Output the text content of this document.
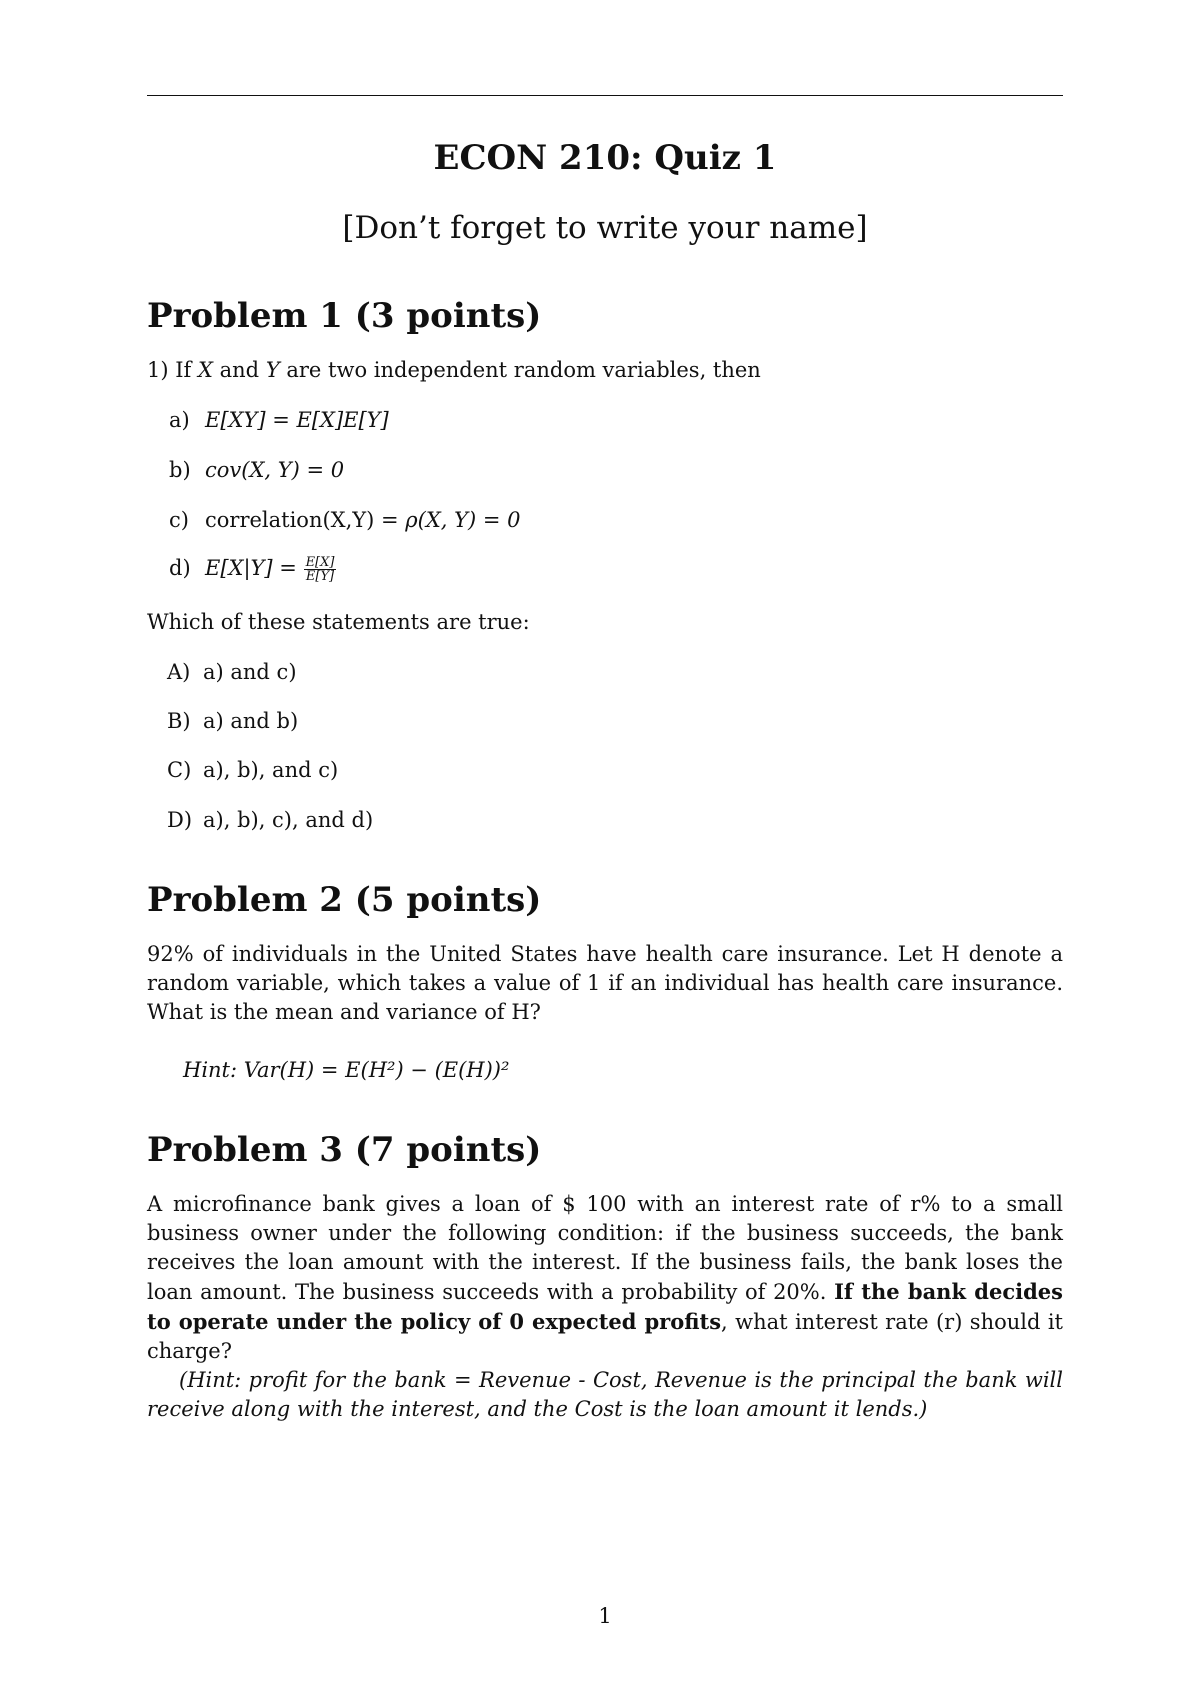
ECON 210: Quiz 1
[Don’t forget to write your name]
Problem 1 (3 points)
1) If X and Y are two independent random variables, then
a) E[XY] = E[X]E[Y]
b) cov(X, Y) = 0
c) correlation(X,Y) = ρ(X, Y) = 0
d) $E[X|Y] = \frac{E[X]}{E[Y]}$
Which of these statements are true:
A) a) and c)
B) a) and b)
C) a), b), and c)
D) a), b), c), and d)
Problem 2 (5 points)
92% of individuals in the United States have health care insurance. Let H denote a random variable, which takes a value of 1 if an individual has health care insurance. What is the mean and variance of H?
Hint: Var(H) = E(H²) − (E(H))²
Problem 3 (7 points)
A microfinance bank gives a loan of $ 100 with an interest rate of r% to a small business owner under the following condition: if the business succeeds, the bank receives the loan amount with the interest. If the business fails, the bank loses the loan amount. The business succeeds with a probability of 20%. If the bank decides to operate under the policy of 0 expected profits, what interest rate (r) should it charge?
(Hint: profit for the bank = Revenue - Cost, Revenue is the principal the bank will receive along with the interest, and the Cost is the loan amount it lends.)
1
